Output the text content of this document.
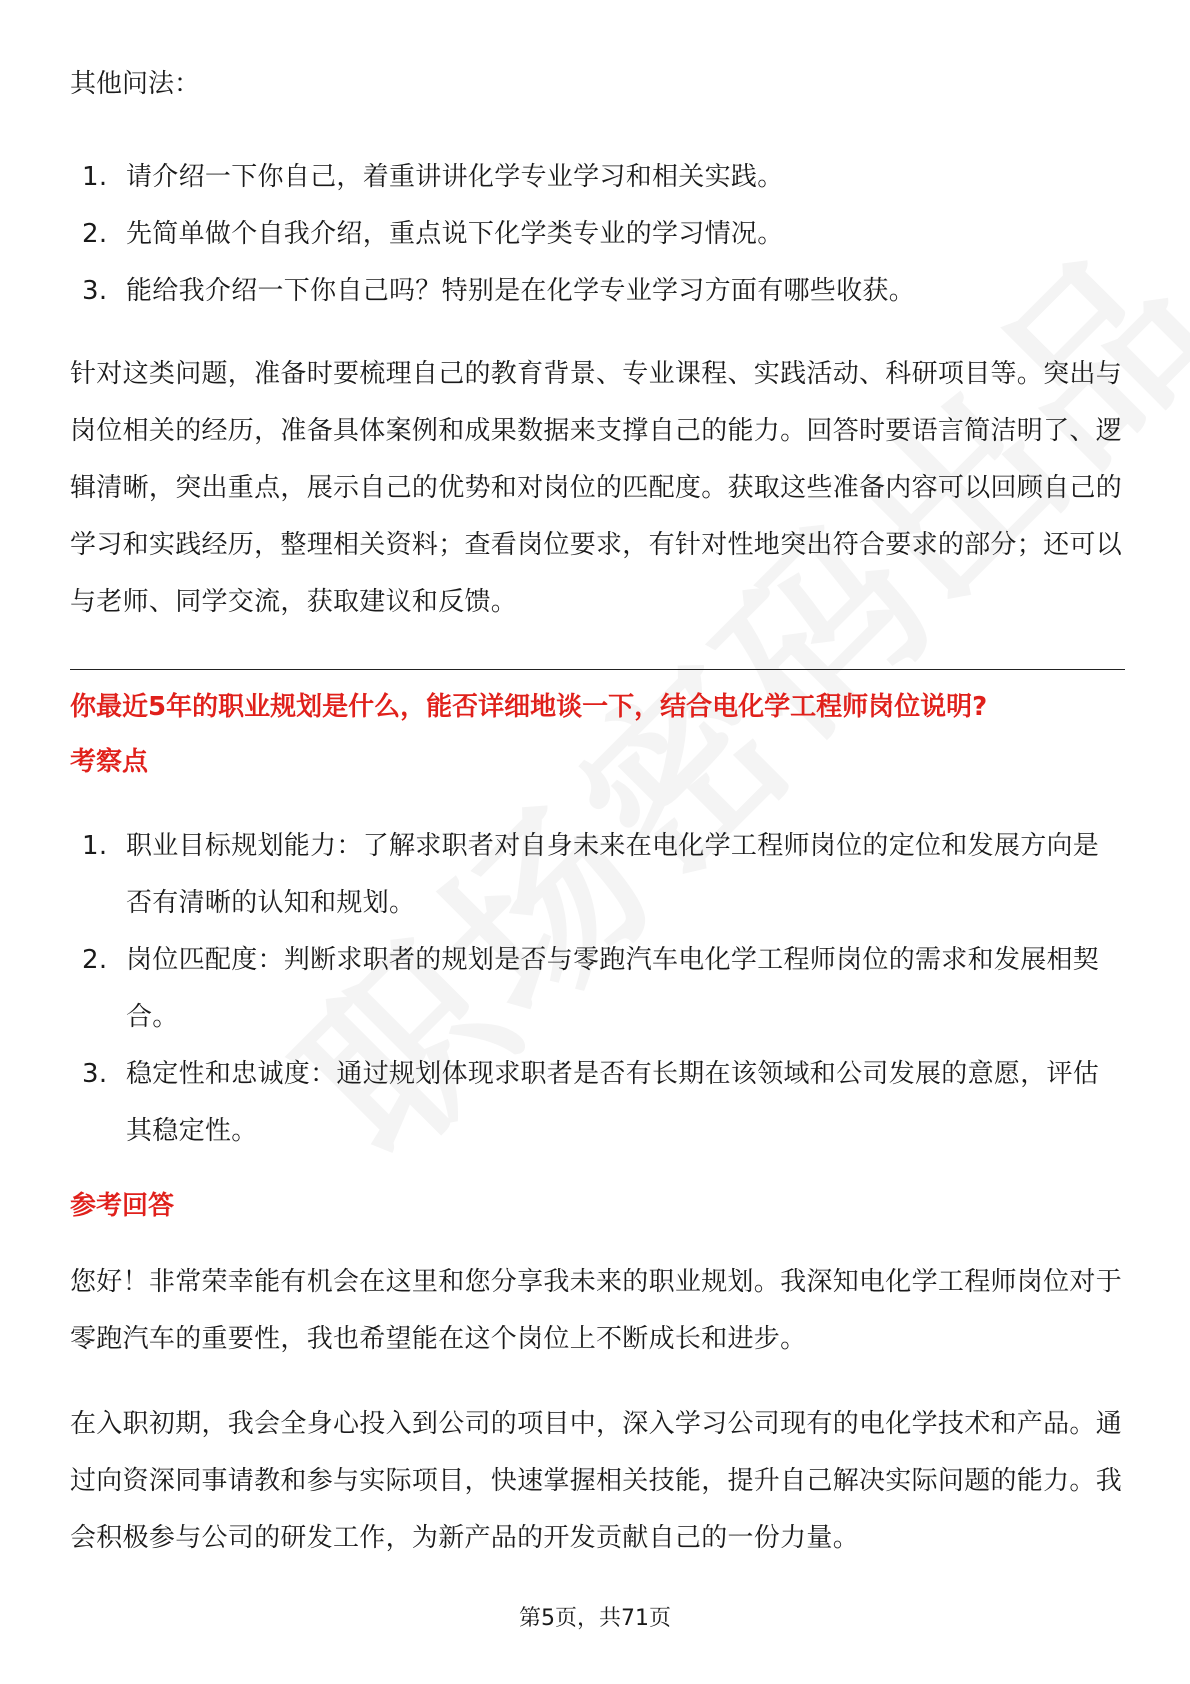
其他问法：

1. 请介绍一下你自己，着重讲讲化学专业学习和相关实践。
2. 先简单做个自我介绍，重点说下化学类专业的学习情况。
3. 能给我介绍一下你自己吗？特别是在化学专业学习方面有哪些收获。

针对这类问题，准备时要梳理自己的教育背景、专业课程、实践活动、科研项目等。突出与岗位相关的经历，准备具体案例和成果数据来支撑自己的能力。回答时要语言简洁明了、逻辑清晰，突出重点，展示自己的优势和对岗位的匹配度。获取这些准备内容可以回顾自己的学习和实践经历，整理相关资料；查看岗位要求，有针对性地突出符合要求的部分；还可以与老师、同学交流，获取建议和反馈。

你最近5年的职业规划是什么，能否详细地谈一下，结合电化学工程师岗位说明?

考察点

1. 职业目标规划能力：了解求职者对自身未来在电化学工程师岗位的定位和发展方向是否有清晰的认知和规划。
2. 岗位匹配度：判断求职者的规划是否与零跑汽车电化学工程师岗位的需求和发展相契合。
3. 稳定性和忠诚度：通过规划体现求职者是否有长期在该领域和公司发展的意愿，评估其稳定性。

参考回答

您好！非常荣幸能有机会在这里和您分享我未来的职业规划。我深知电化学工程师岗位对于零跑汽车的重要性，我也希望能在这个岗位上不断成长和进步。

在入职初期，我会全身心投入到公司的项目中，深入学习公司现有的电化学技术和产品。通过向资深同事请教和参与实际项目，快速掌握相关技能，提升自己解决实际问题的能力。我会积极参与公司的研发工作，为新产品的开发贡献自己的一份力量。

第5页，共71页
